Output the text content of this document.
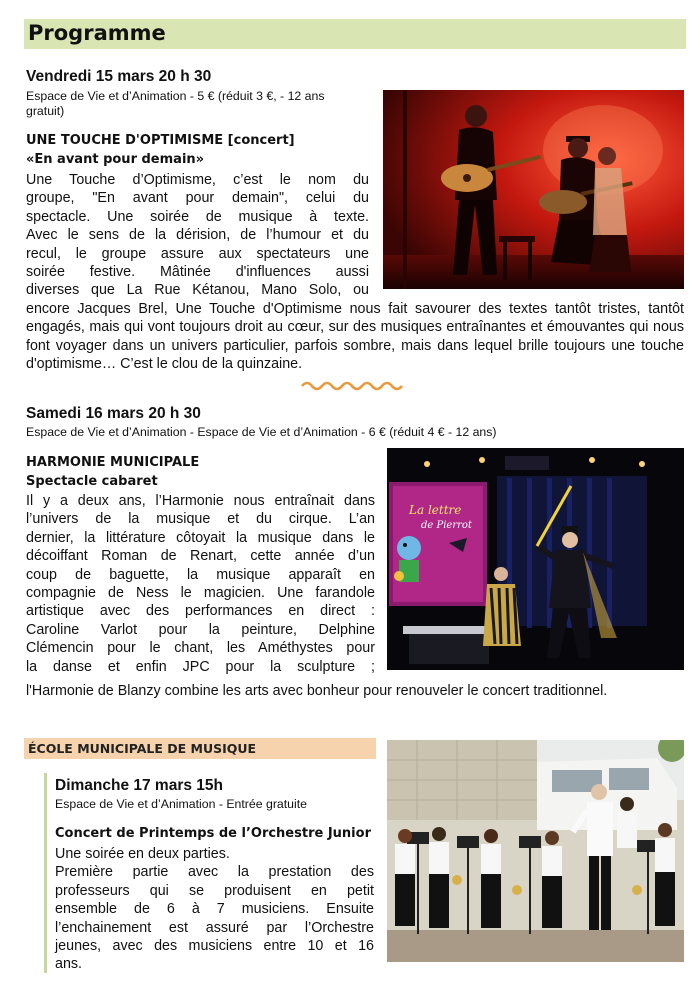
Programme
Vendredi 15 mars 20 h 30
Espace de Vie et d’Animation - 5 € (réduit 3 €, - 12 ans
gratuit)
UNE TOUCHE D'OPTIMISME [concert]
«En avant pour demain»
Une Touche d’Optimisme, c’est le nom du
groupe, "En avant pour demain", celui du
spectacle. Une soirée de musique à texte.
Avec le sens de la dérision, de l’humour et du
recul, le groupe assure aux spectateurs une
soirée festive. Mâtinée d'influences aussi
diverses que La Rue Kétanou, Mano Solo, ou
encore Jacques Brel, Une Touche d'Optimisme nous fait savourer des textes tantôt tristes, tantôt engagés, mais qui vont toujours droit au cœur, sur des musiques entraînantes et émouvantes qui nous font voyager dans un univers particulier, parfois sombre, mais dans lequel brille toujours une touche d'optimisme… C’est le clou de la quinzaine.
Samedi 16 mars 20 h 30
Espace de Vie et d’Animation - Espace de Vie et d’Animation - 6 € (réduit 4 € - 12 ans)
HARMONIE MUNICIPALE
Spectacle cabaret
Il y a deux ans, l’Harmonie nous entraînait dans
l’univers de la musique et du cirque. L’an
dernier, la littérature côtoyait la musique dans le
décoiffant Roman de Renart, cette année d’un
coup de baguette, la musique apparaît en
compagnie de Ness le magicien. Une farandole
artistique avec des performances en direct :
Caroline Varlot pour la peinture, Delphine
Clémencin pour le chant, les Améthystes pour
la danse et enfin JPC pour la sculpture ;
l'Harmonie de Blanzy combine les arts avec bonheur pour renouveler le concert traditionnel.
La lettre
de Pierrot
ÉCOLE MUNICIPALE DE MUSIQUE
Dimanche 17 mars 15h
Espace de Vie et d’Animation - Entrée gratuite
Concert de Printemps de l’Orchestre Junior
Une soirée en deux parties.
Première partie avec la prestation des
professeurs qui se produisent en petit
ensemble de 6 à 7 musiciens. Ensuite
l’enchainement est assuré par l’Orchestre
jeunes, avec des musiciens entre 10 et 16
ans.
